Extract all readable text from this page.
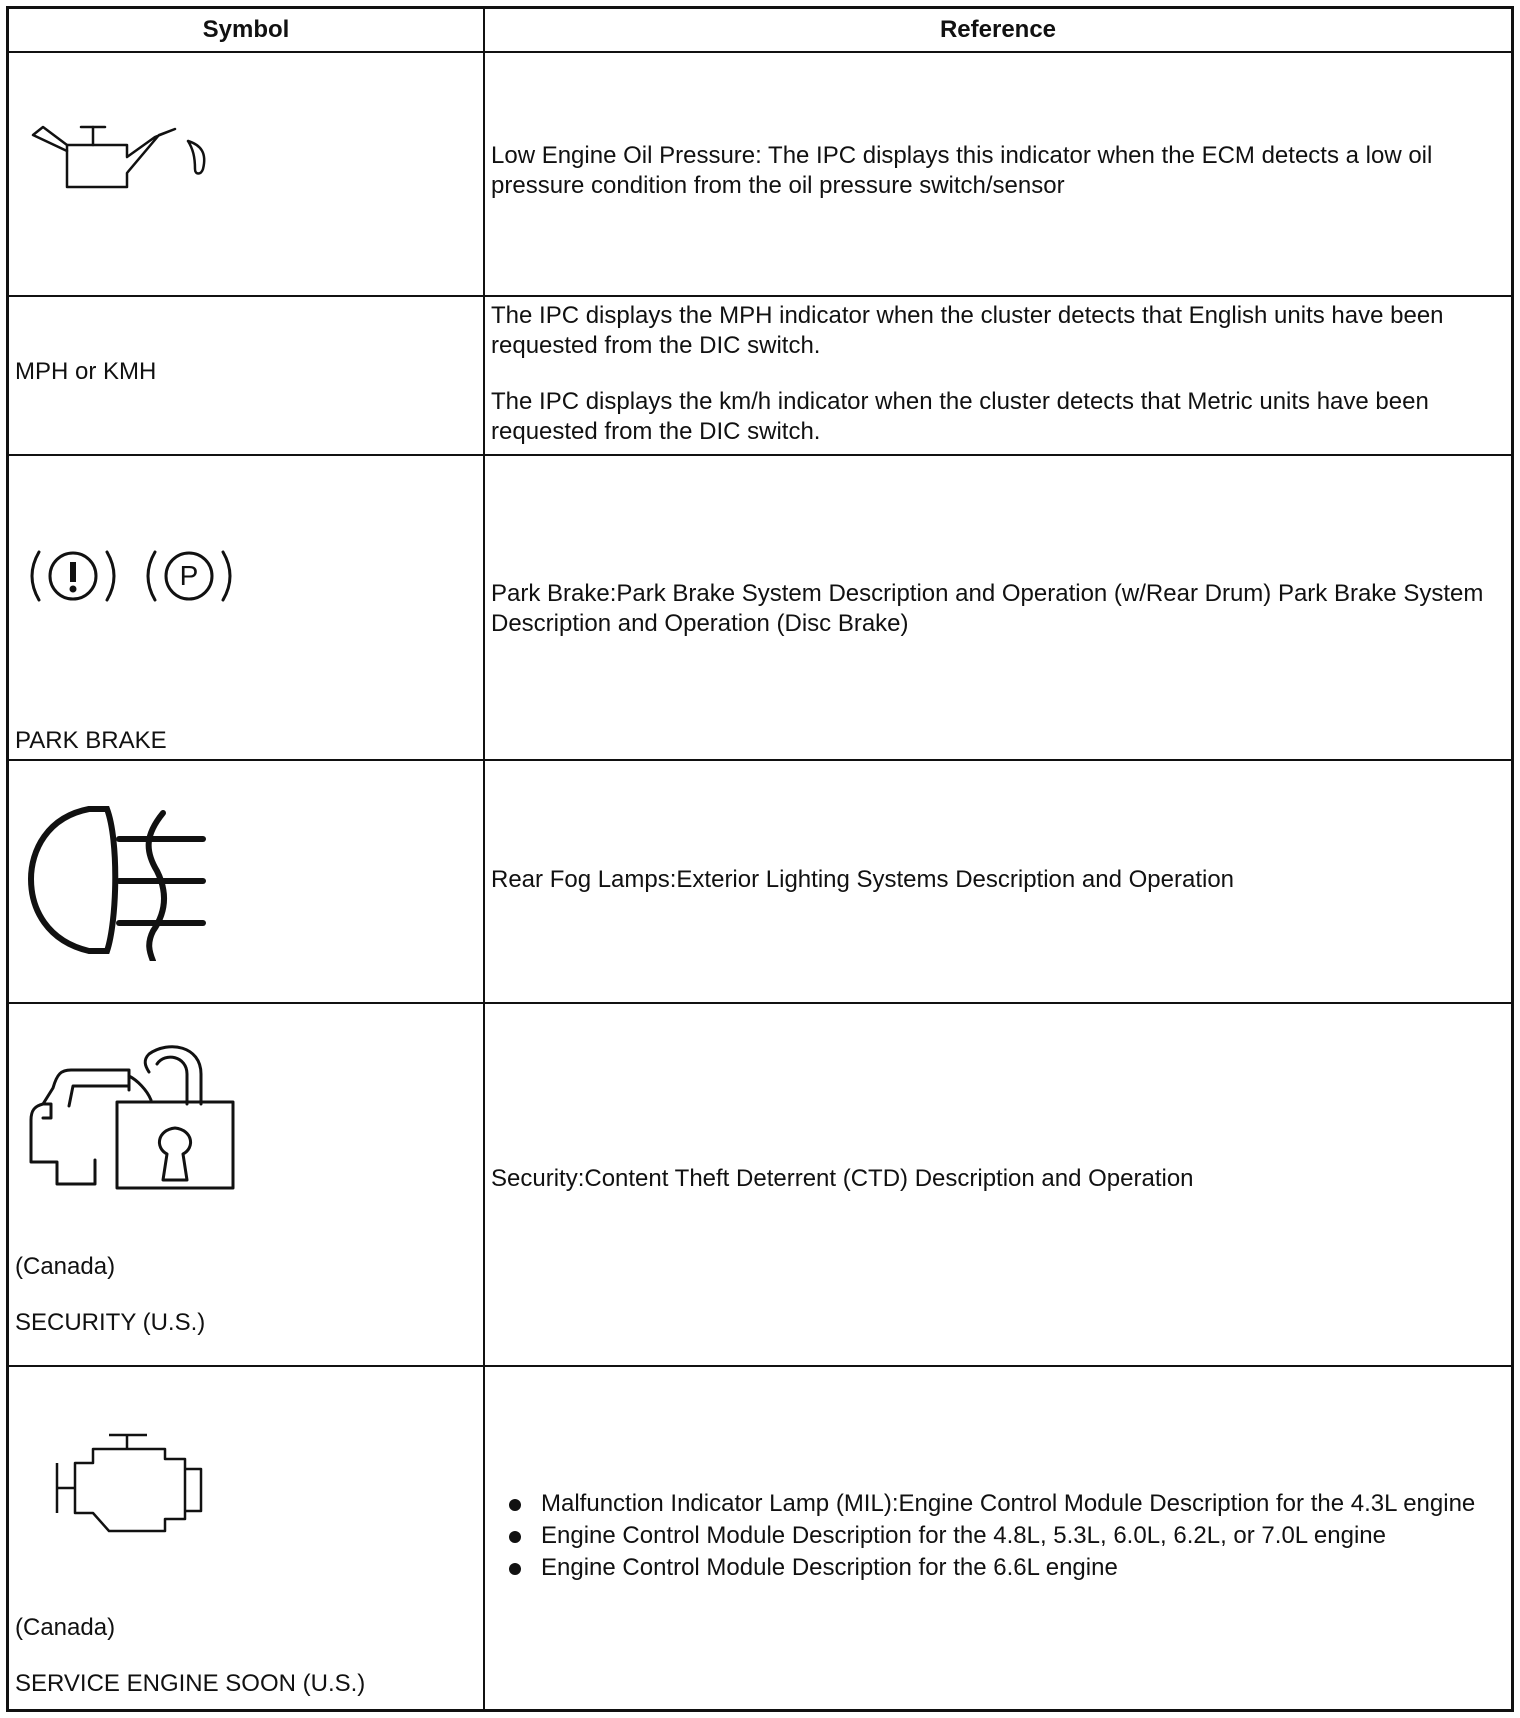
Symbol	Reference

Low Engine Oil Pressure: The IPC displays this indicator when the ECM detects a low oil pressure condition from the oil pressure switch/sensor

MPH or KMH

The IPC displays the MPH indicator when the cluster detects that English units have been requested from the DIC switch.

The IPC displays the km/h indicator when the cluster detects that Metric units have been requested from the DIC switch.

P
PARK BRAKE

Park Brake:Park Brake System Description and Operation (w/Rear Drum) Park Brake System Description and Operation (Disc Brake)

Rear Fog Lamps:Exterior Lighting Systems Description and Operation

(Canada)
SECURITY (U.S.)

Security:Content Theft Deterrent (CTD) Description and Operation

(Canada)
SERVICE ENGINE SOON (U.S.)
Malfunction Indicator Lamp (MIL):Engine Control Module Description for the 4.3L engine
Engine Control Module Description for the 4.8L, 5.3L, 6.0L, 6.2L, or 7.0L engine
Engine Control Module Description for the 6.6L engine
